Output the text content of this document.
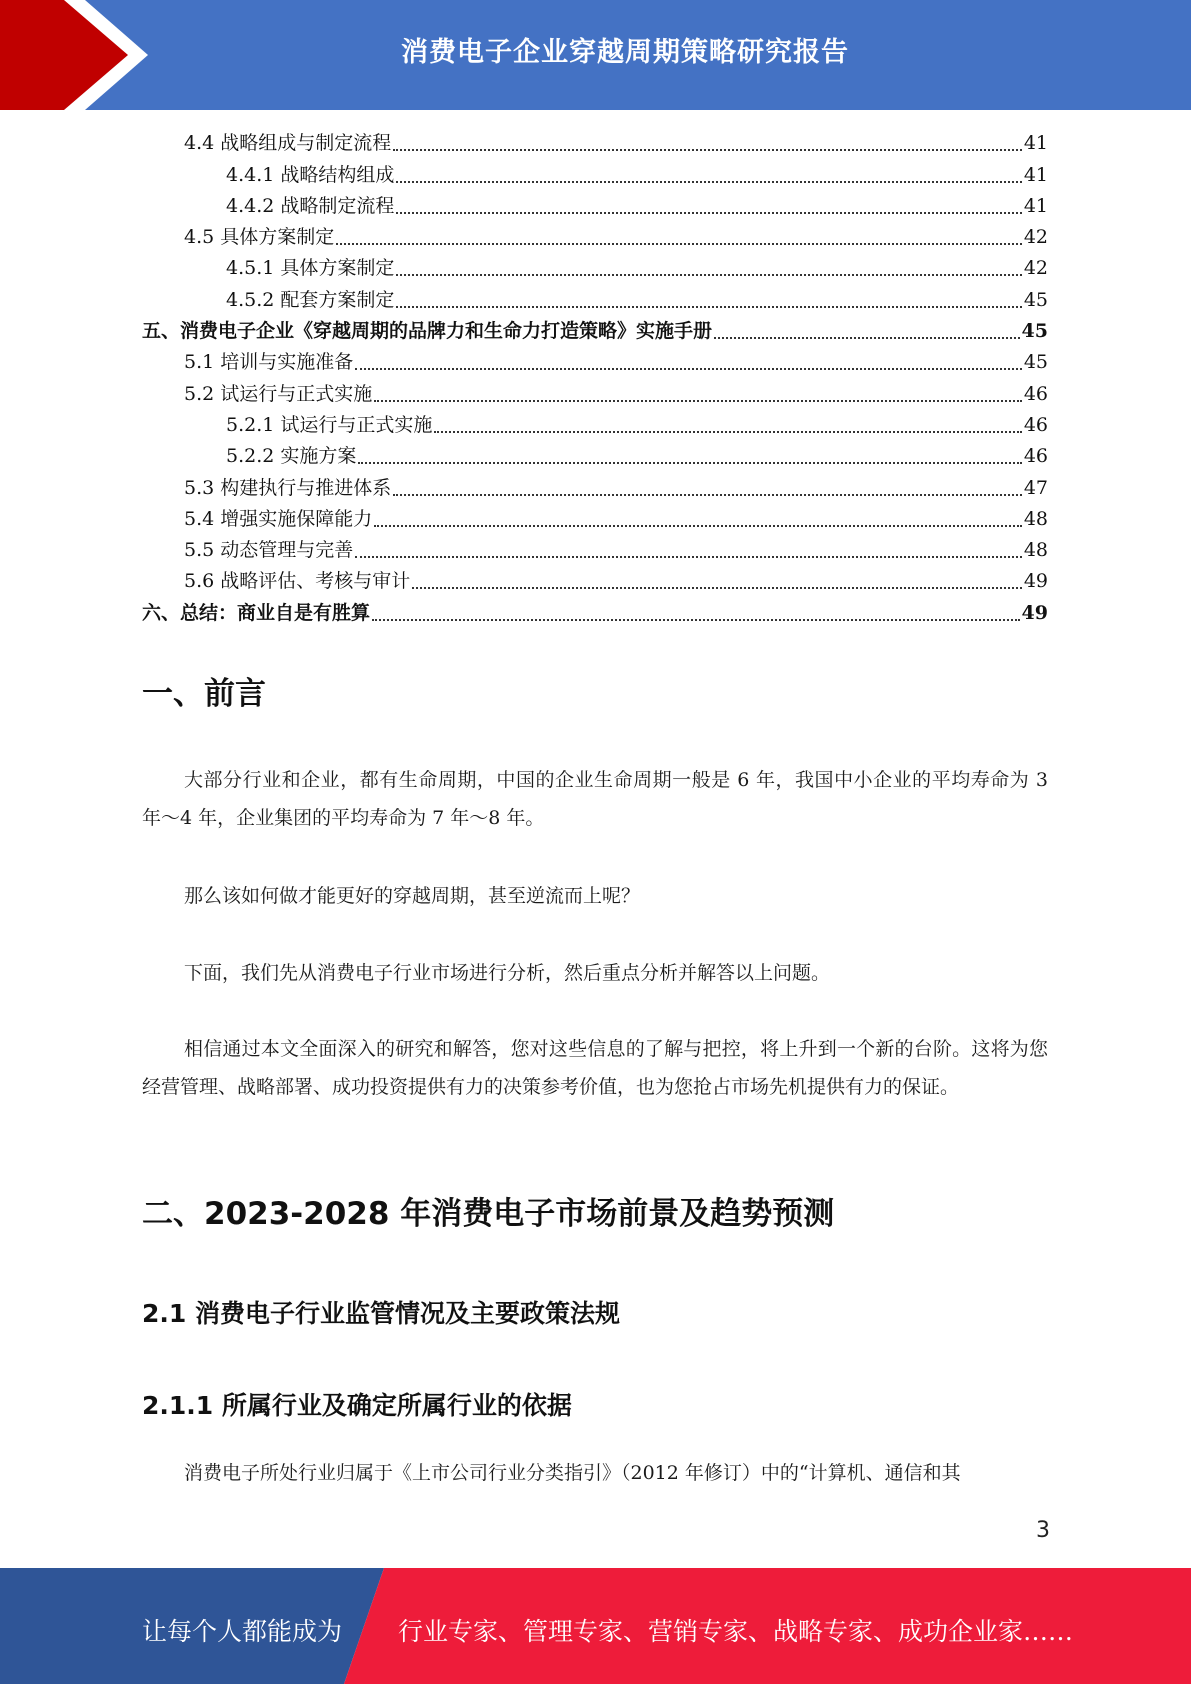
消费电子企业穿越周期策略研究报告
4.4 战略组成与制定流程	41
4.4.1 战略结构组成	41
4.4.2 战略制定流程	41
4.5 具体方案制定	42
4.5.1 具体方案制定	42
4.5.2 配套方案制定	45
五、消费电子企业《穿越周期的品牌力和生命力打造策略》实施手册	45
5.1 培训与实施准备	45
5.2 试运行与正式实施	46
5.2.1 试运行与正式实施	46
5.2.2 实施方案	46
5.3 构建执行与推进体系	47
5.4 增强实施保障能力	48
5.5 动态管理与完善	48
5.6 战略评估、考核与审计	49
六、总结：商业自是有胜算	49
一、前言
大部分行业和企业，都有生命周期，中国的企业生命周期一般是 6 年，我国中小企业的平均寿命为 3 年～4 年，企业集团的平均寿命为 7 年～8 年。
那么该如何做才能更好的穿越周期，甚至逆流而上呢？
下面，我们先从消费电子行业市场进行分析，然后重点分析并解答以上问题。
相信通过本文全面深入的研究和解答，您对这些信息的了解与把控，将上升到一个新的台阶。这将为您经营管理、战略部署、成功投资提供有力的决策参考价值，也为您抢占市场先机提供有力的保证。
二、2023-2028 年消费电子市场前景及趋势预测
2.1 消费电子行业监管情况及主要政策法规
2.1.1 所属行业及确定所属行业的依据
消费电子所处行业归属于《上市公司行业分类指引》（2012 年修订）中的“计算机、通信和其
3
让每个人都能成为 行业专家、管理专家、营销专家、战略专家、成功企业家……
